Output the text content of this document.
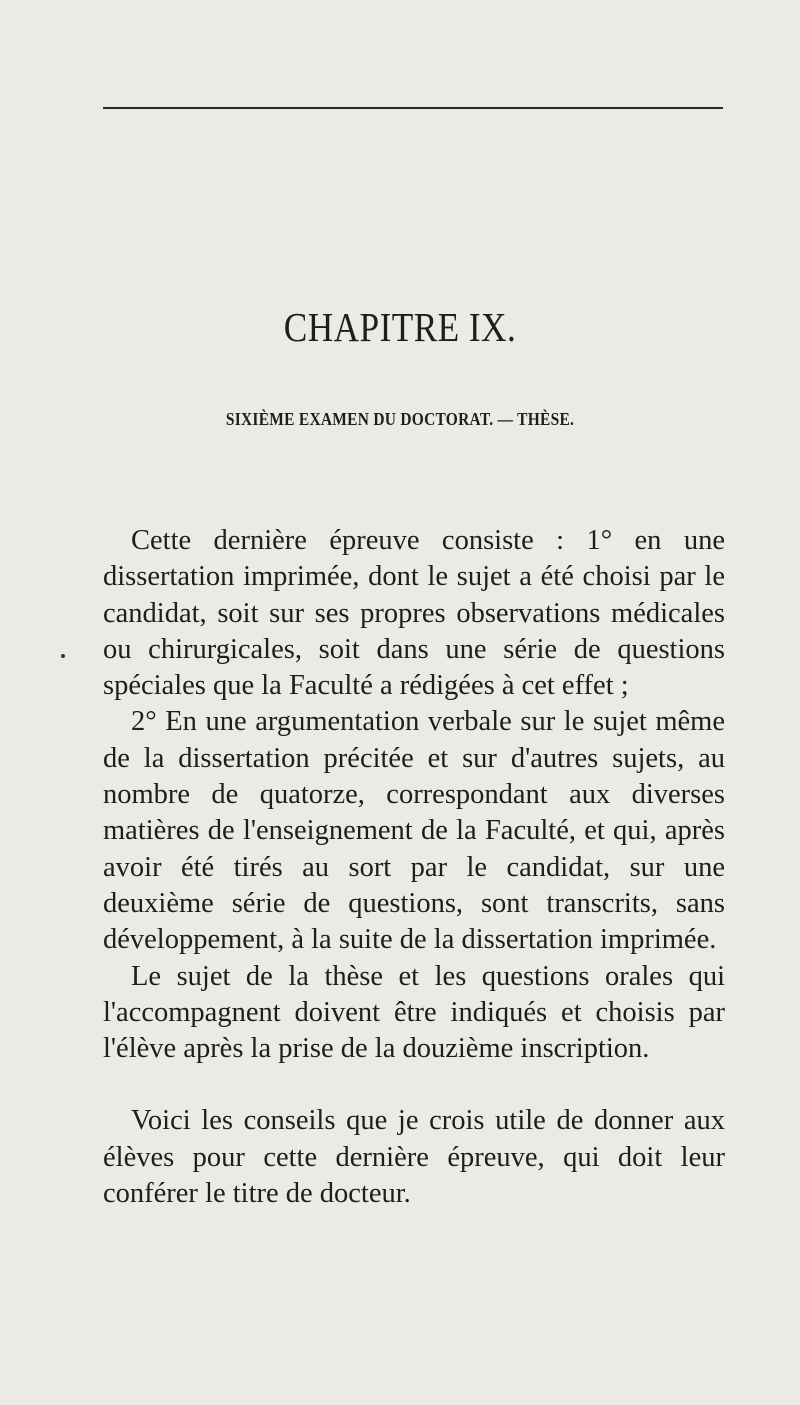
CHAPITRE IX.
SIXIÈME EXAMEN DU DOCTORAT. — THÈSE.

Cette dernière épreuve consiste : 1° en une dissertation imprimée, dont le sujet a été choisi par le candidat, soit sur ses propres observations médicales ou chirurgicales, soit dans une série de questions spéciales que la Faculté a rédigées à cet effet ;

2° En une argumentation verbale sur le sujet même de la dissertation précitée et sur d'autres sujets, au nombre de quatorze, correspondant aux diverses matières de l'enseignement de la Faculté, et qui, après avoir été tirés au sort par le candidat, sur une deuxième série de questions, sont transcrits, sans développement, à la suite de la dissertation imprimée.

Le sujet de la thèse et les questions orales qui l'accompagnent doivent être indiqués et choisis par l'élève après la prise de la douzième inscription.

Voici les conseils que je crois utile de donner aux élèves pour cette dernière épreuve, qui doit leur conférer le titre de docteur.
